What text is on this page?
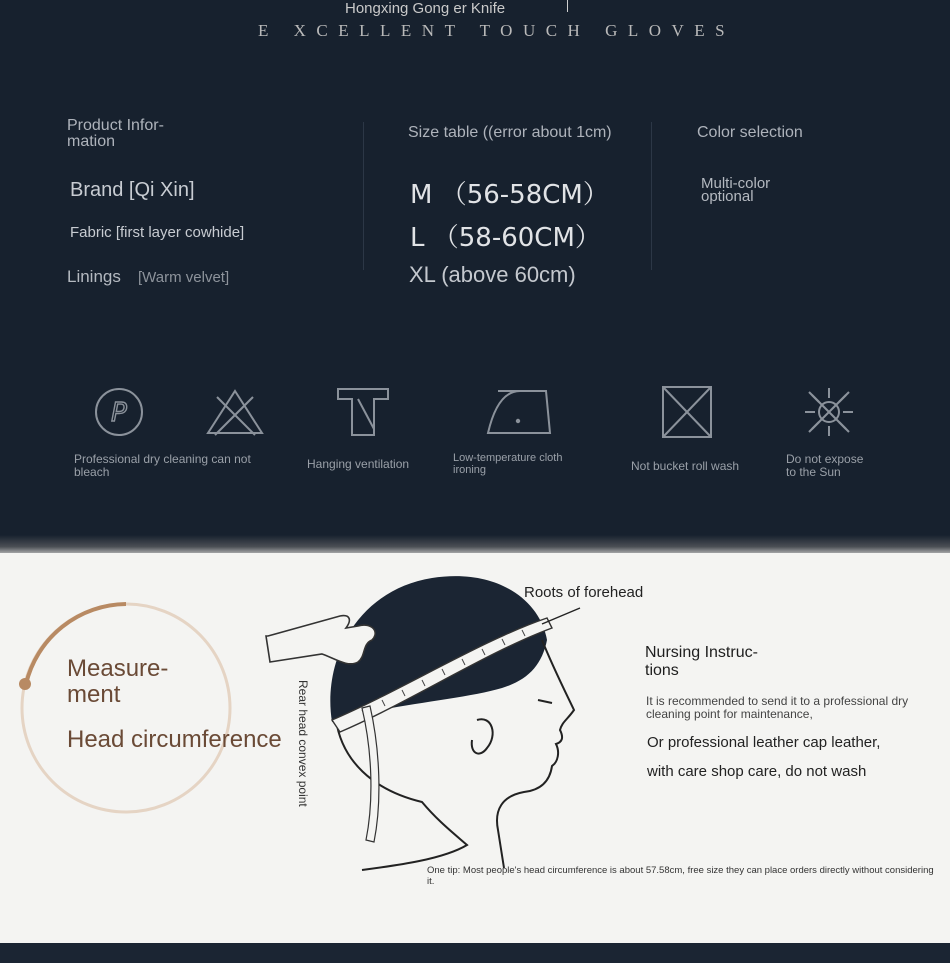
Hongxing Gong er Knife
E XCELLENT TOUCH GLOVES
Product Infor-
mation
Brand [Qi Xin]
Fabric [first layer cowhide]
Linings [Warm velvet]
Size table ((error about 1cm)
M （56-58CM）
L （58-60CM）
XL (above 60cm)
Color selection
Multi-color
optional
P
Professional dry cleaning can not
bleach
Hanging ventilation	Low-temperature cloth
ironing	Not bucket roll wash	Do not expose
to the Sun
Measure-
ment
Head circumference
Roots of forehead
Rear head convex point
Nursing Instruc-
tions
It is recommended to send it to a professional dry cleaning point for maintenance,
Or professional leather cap leather,
with care shop care, do not wash
One tip: Most people's head circumference is about 57.58cm, free size they can place orders directly without considering it.
